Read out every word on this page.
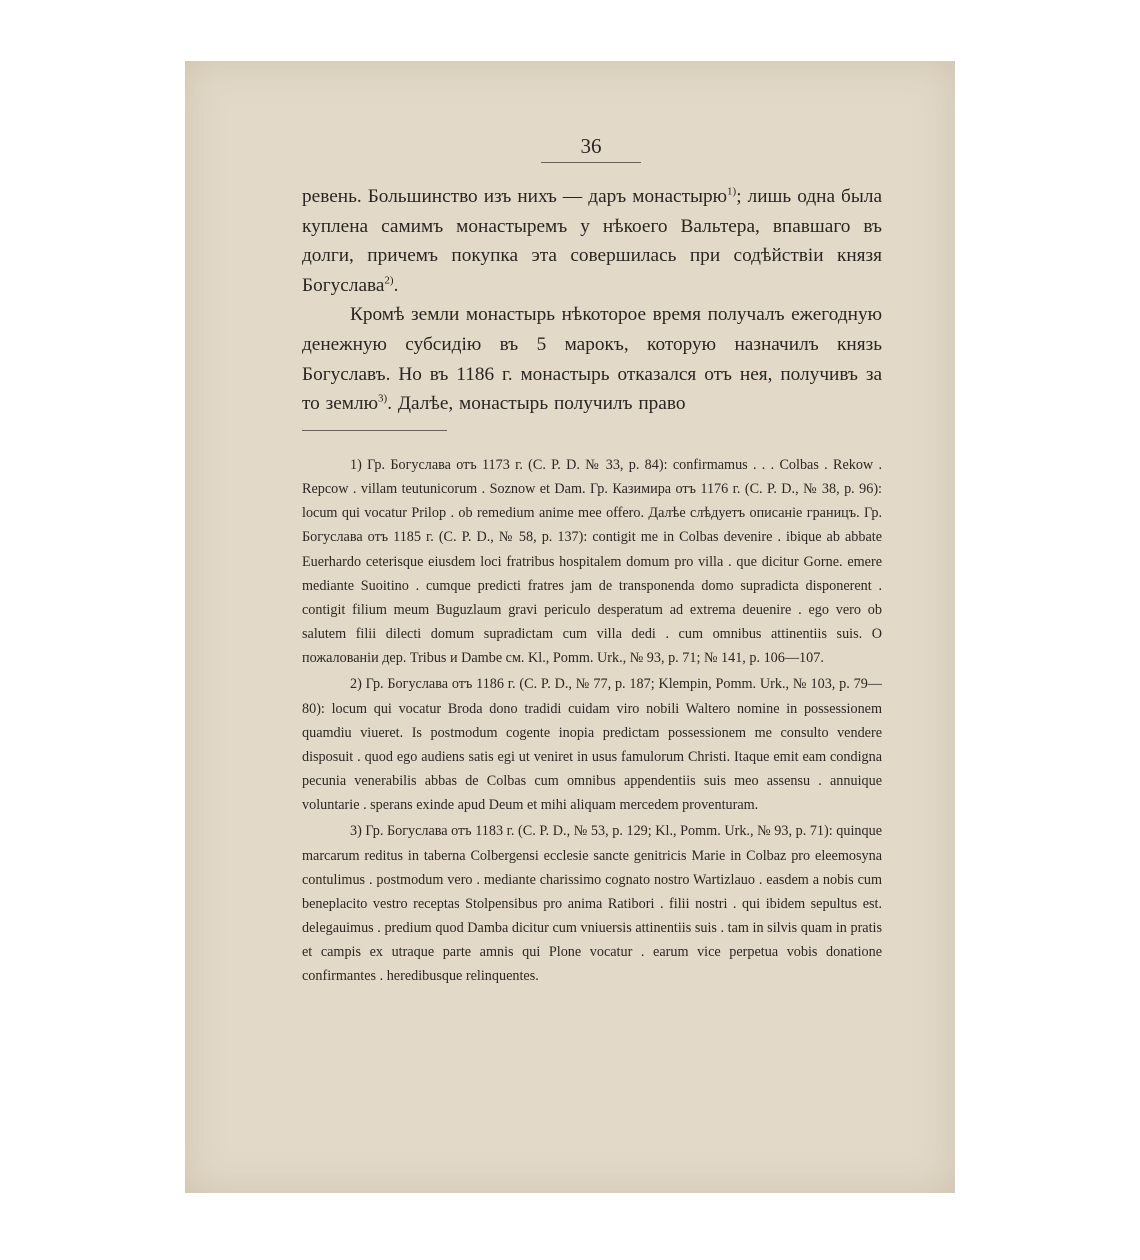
36

ревень. Большинство изъ нихъ — даръ монастырю$^{1)}$; лишь одна была куплена самимъ монастыремъ у нѣкоего Вальтера, впавшаго въ долги, причемъ покупка эта совершилась при содѣйствіи князя Богуслава$^{2)}$.

Кромѣ земли монастырь нѣкоторое время получалъ ежегодную денежную субсидію въ 5 марокъ, которую назначилъ князь Богуславъ. Но въ 1186 г. монастырь отказался отъ нея, получивъ за то землю$^{3)}$. Далѣе, монастырь получилъ право

1) Гр. Богуслава отъ 1173 г. (С. Р. D. № 33, р. 84): confirmamus . . . Colbas . Rekow . Repcow . villam teutunicorum . Soznow et Dam. Гр. Казимира отъ 1176 г. (C. P. D., № 38, p. 96): locum qui vocatur Prilop . ob remedium anime mee offero. Далѣе слѣдуетъ описаніе границъ. Гр. Богуслава отъ 1185 г. (C. P. D., № 58, p. 137): contigit me in Colbas devenire . ibique ab abbate Euerhardo ceterisque eiusdem loci fratribus hospitalem domum pro villa . que dicitur Gorne. emere mediante Suoitino . cumque predicti fratres jam de transponenda domo supradicta disponerent . contigit filium meum Buguzlaum gravi periculo desperatum ad extrema deuenire . ego vero ob salutem filii dilecti domum supradictam cum villa dedi . cum omnibus attinentiis suis. О пожалованіи дер. Tribus и Dambe см. Kl., Pomm. Urk., № 93, p. 71; № 141, p. 106—107.

2) Гр. Богуслава отъ 1186 г. (C. P. D., № 77, p. 187; Klempin, Pomm. Urk., № 103, p. 79—80): locum qui vocatur Broda dono tradidi cuidam viro nobili Waltero nomine in possessionem quamdiu viueret. Is postmodum cogente inopia predictam possessionem me consulto vendere disposuit . quod ego audiens satis egi ut veniret in usus famulorum Christi. Itaque emit eam condigna pecunia venerabilis abbas de Colbas cum omnibus appendentiis suis meo assensu . annuique voluntarie . sperans exinde apud Deum et mihi aliquam mercedem proventuram.

3) Гр. Богуслава отъ 1183 г. (C. P. D., № 53, p. 129; Kl., Pomm. Urk., № 93, p. 71): quinque marcarum reditus in taberna Colbergensi ecclesie sancte genitricis Marie in Colbaz pro eleemosyna contulimus . postmodum vero . mediante charissimo cognato nostro Wartizlauo . easdem a nobis cum beneplacito vestro receptas Stolpensibus pro anima Ratibori . filii nostri . qui ibidem sepultus est. delegauimus . predium quod Damba dicitur cum vniuersis attinentiis suis . tam in silvis quam in pratis et campis ex utraque parte amnis qui Plone vocatur . earum vice perpetua vobis donatione confirmantes . heredibusque relinquentes.
